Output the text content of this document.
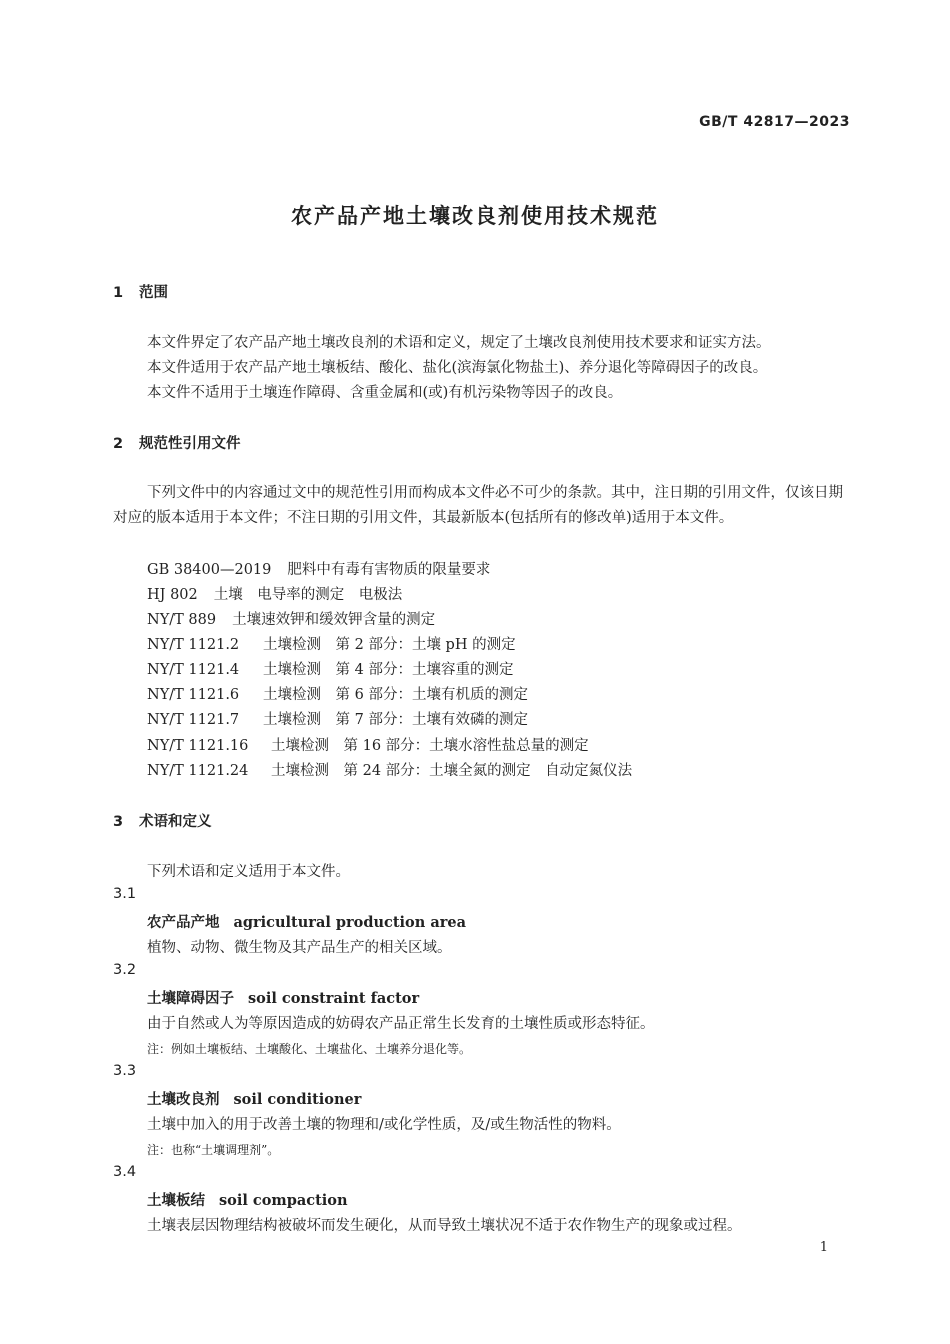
GB/T 42817—2023
农产品产地土壤改良剂使用技术规范
1 范围
本文件界定了农产品产地土壤改良剂的术语和定义，规定了土壤改良剂使用技术要求和证实方法。
本文件适用于农产品产地土壤板结、酸化、盐化(滨海氯化物盐土)、养分退化等障碍因子的改良。
本文件不适用于土壤连作障碍、含重金属和(或)有机污染物等因子的改良。
2 规范性引用文件
下列文件中的内容通过文中的规范性引用而构成本文件必不可少的条款。其中，注日期的引用文件，仅该日期对应的版本适用于本文件；不注日期的引用文件，其最新版本(包括所有的修改单)适用于本文件。
GB 38400—2019 肥料中有毒有害物质的限量要求
HJ 802 土壤　电导率的测定　电极法
NY/T 889 土壤速效钾和缓效钾含量的测定
NY/T 1121.2 土壤检测　第 2 部分：土壤 pH 的测定
NY/T 1121.4 土壤检测　第 4 部分：土壤容重的测定
NY/T 1121.6 土壤检测　第 6 部分：土壤有机质的测定
NY/T 1121.7 土壤检测　第 7 部分：土壤有效磷的测定
NY/T 1121.16 土壤检测　第 16 部分：土壤水溶性盐总量的测定
NY/T 1121.24 土壤检测　第 24 部分：土壤全氮的测定　自动定氮仪法
3 术语和定义
下列术语和定义适用于本文件。
3.1
农产品产地 agricultural production area
植物、动物、微生物及其产品生产的相关区域。
3.2
土壤障碍因子 soil constraint factor
由于自然或人为等原因造成的妨碍农产品正常生长发育的土壤性质或形态特征。
注：例如土壤板结、土壤酸化、土壤盐化、土壤养分退化等。
3.3
土壤改良剂 soil conditioner
土壤中加入的用于改善土壤的物理和/或化学性质，及/或生物活性的物料。
注：也称“土壤调理剂”。
3.4
土壤板结 soil compaction
土壤表层因物理结构被破坏而发生硬化，从而导致土壤状况不适于农作物生产的现象或过程。
1
